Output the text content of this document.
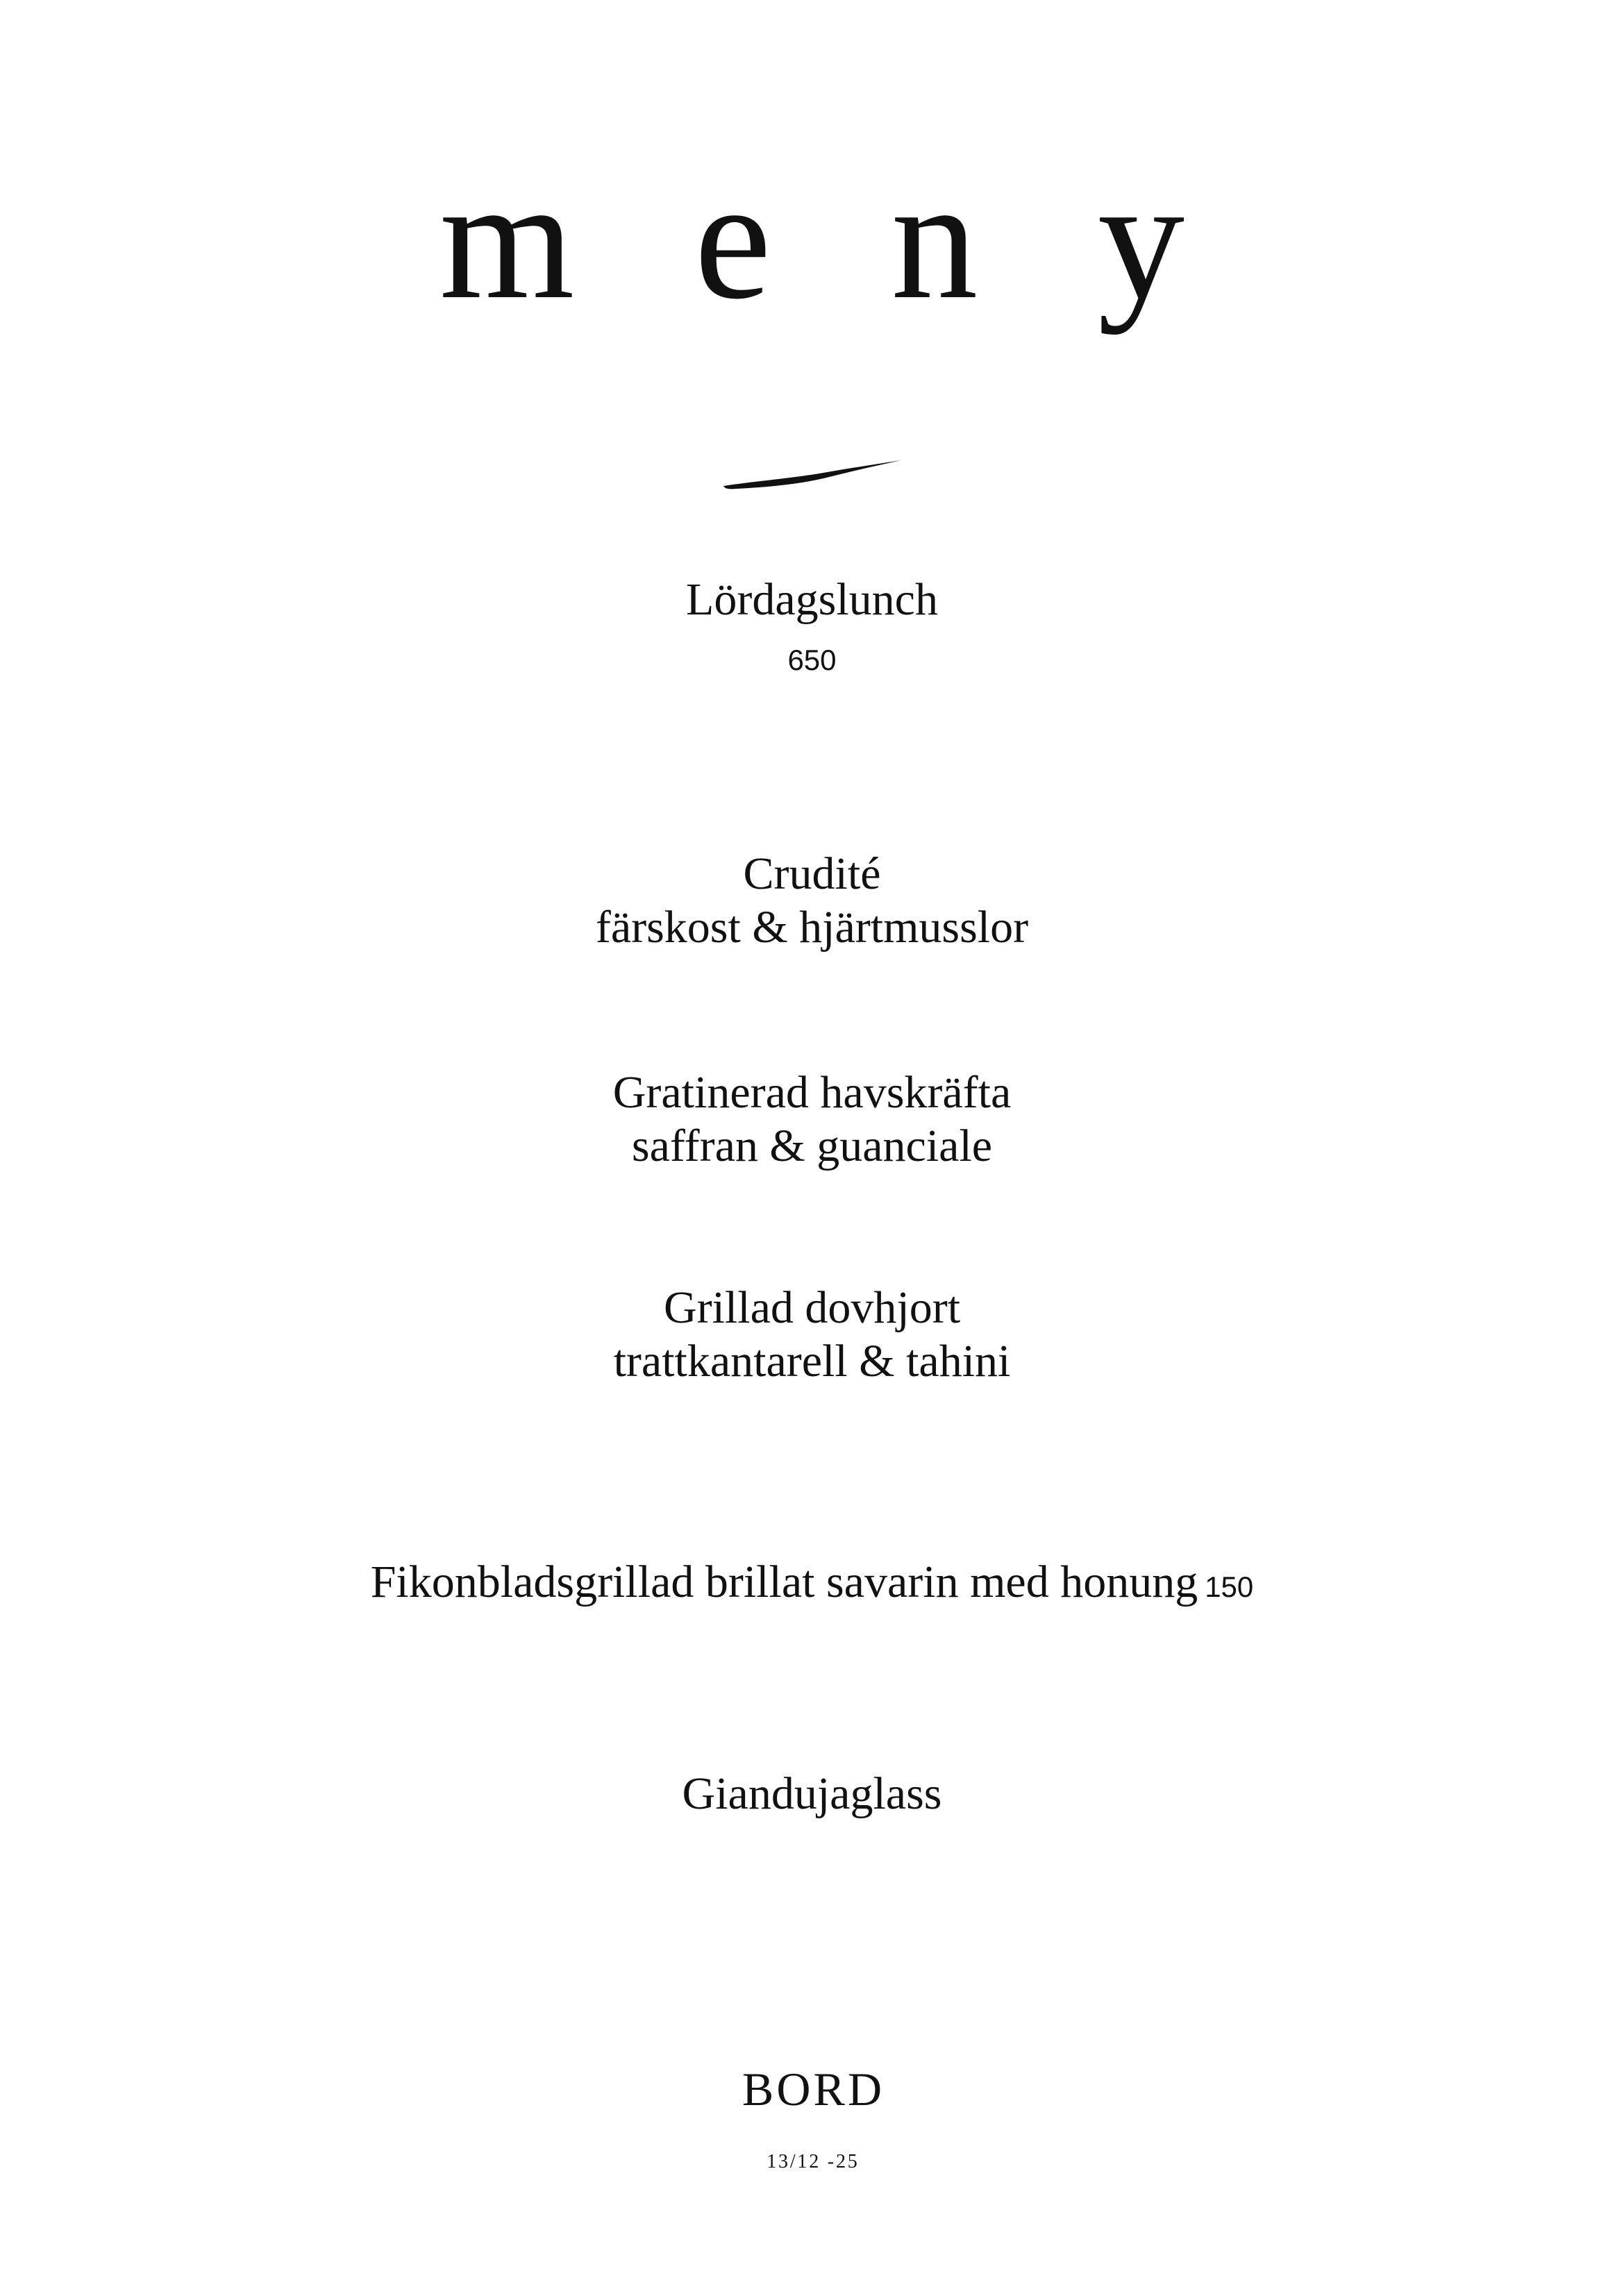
m e n y
Lördagslunch
650
Crudité
färskost & hjärtmusslor
Gratinerad havskräfta
saffran & guanciale
Grillad dovhjort
trattkantarell & tahini
Fikonbladsgrillad brillat savarin med honung 150
Giandujaglass
BORD
13/12 -25
